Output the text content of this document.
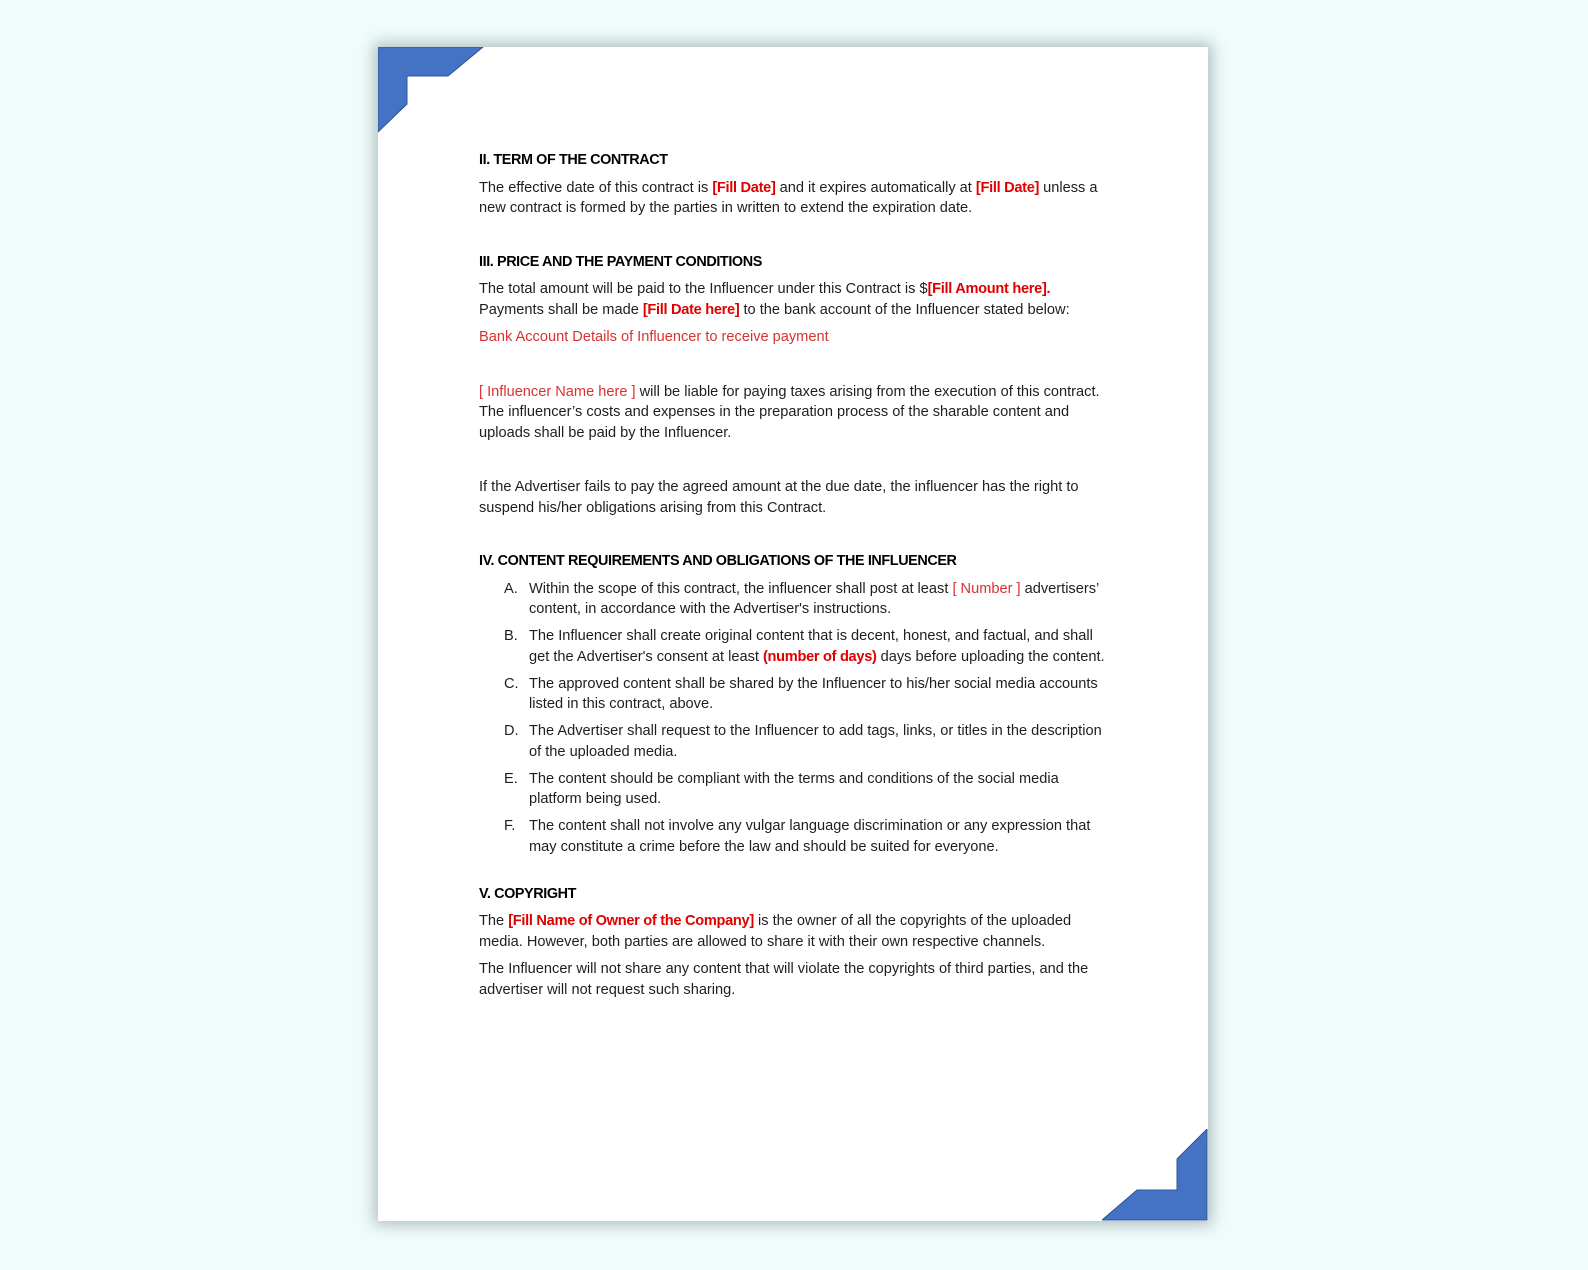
II. TERM OF THE CONTRACT

The effective date of this contract is [Fill Date] and it expires automatically at [Fill Date] unless a new contract is formed by the parties in written to extend the expiration date.

III. PRICE AND THE PAYMENT CONDITIONS

The total amount will be paid to the Influencer under this Contract is $[Fill Amount here]. Payments shall be made [Fill Date here] to the bank account of the Influencer stated below:

Bank Account Details of Influencer to receive payment

[ Influencer Name here ] will be liable for paying taxes arising from the execution of this contract. The influencer’s costs and expenses in the preparation process of the sharable content and uploads shall be paid by the Influencer.

If the Advertiser fails to pay the agreed amount at the due date, the influencer has the right to suspend his/her obligations arising from this Contract.

IV. CONTENT REQUIREMENTS AND OBLIGATIONS OF THE INFLUENCER
A. Within the scope of this contract, the influencer shall post at least [ Number ] advertisers’ content, in accordance with the Advertiser's instructions.
B. The Influencer shall create original content that is decent, honest, and factual, and shall get the Advertiser's consent at least (number of days) days before uploading the content.
C. The approved content shall be shared by the Influencer to his/her social media accounts listed in this contract, above.
D. The Advertiser shall request to the Influencer to add tags, links, or titles in the description of the uploaded media.
E. The content should be compliant with the terms and conditions of the social media platform being used.
F. The content shall not involve any vulgar language discrimination or any expression that may constitute a crime before the law and should be suited for everyone.
V. COPYRIGHT

The [Fill Name of Owner of the Company] is the owner of all the copyrights of the uploaded media. However, both parties are allowed to share it with their own respective channels.

The Influencer will not share any content that will violate the copyrights of third parties, and the advertiser will not request such sharing.
